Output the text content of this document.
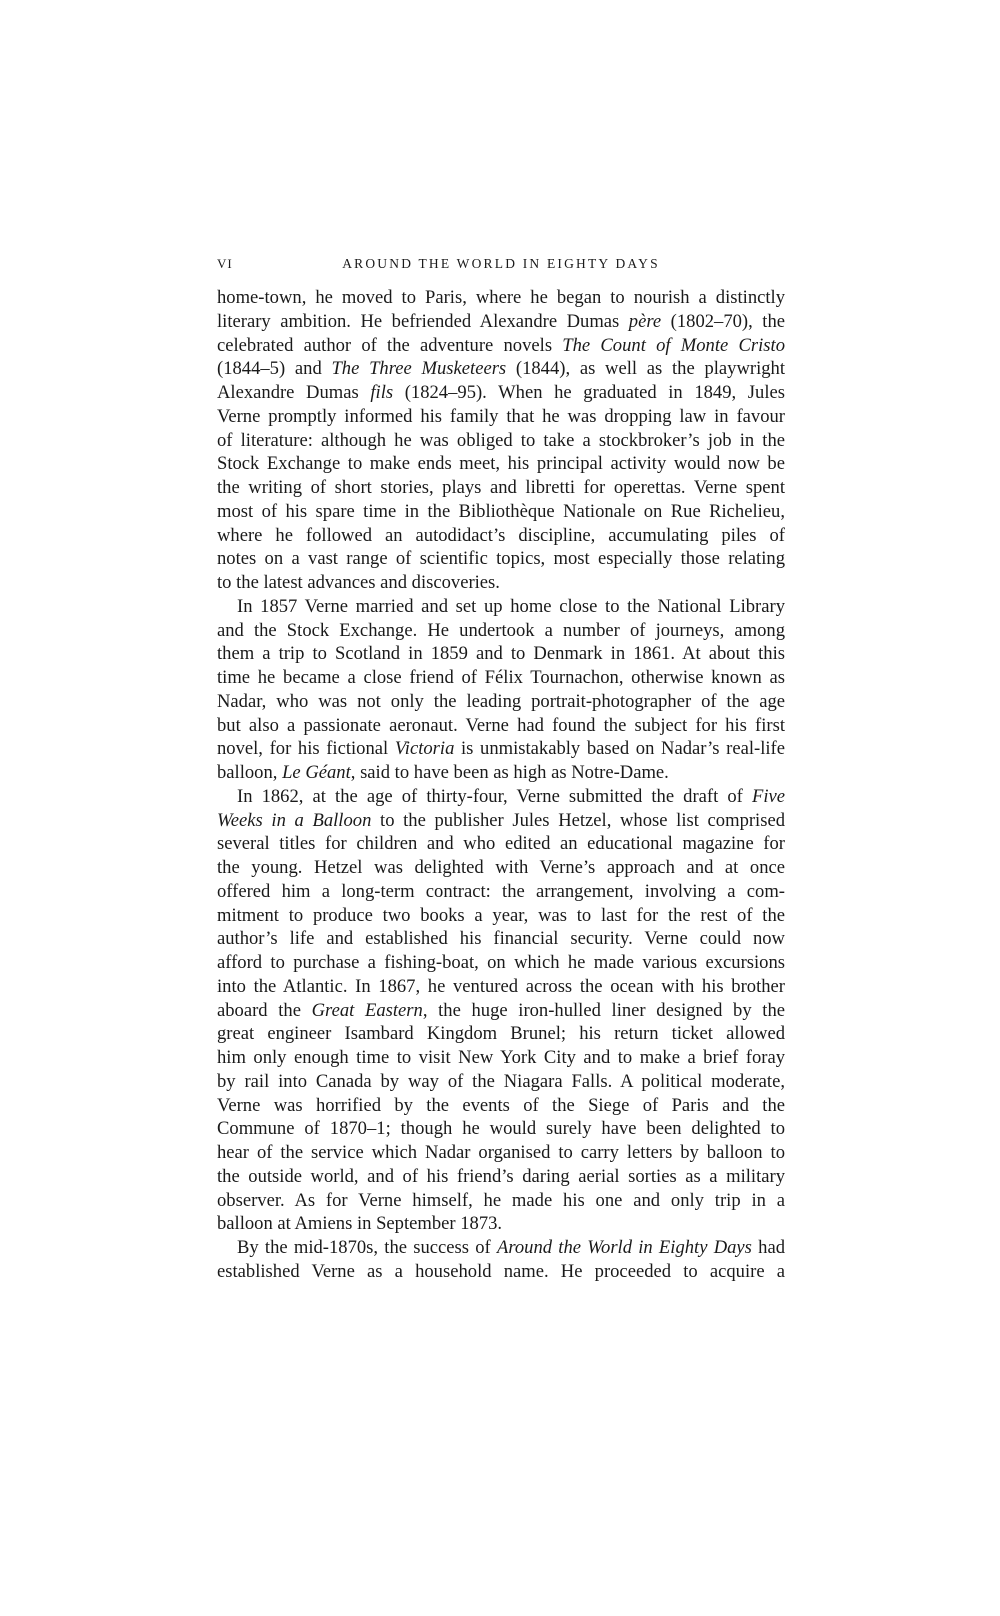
VI	AROUND THE WORLD IN EIGHTY DAYS
home-town, he moved to Paris, where he began to nourish a distinctly
literary ambition. He befriended Alexandre Dumas père (1802–70), the
celebrated author of the adventure novels The Count of Monte Cristo
(1844–5) and The Three Musketeers (1844), as well as the playwright
Alexandre Dumas fils (1824–95). When he graduated in 1849, Jules
Verne promptly informed his family that he was dropping law in favour
of literature: although he was obliged to take a stockbroker’s job in the
Stock Exchange to make ends meet, his principal activity would now be
the writing of short stories, plays and libretti for operettas. Verne spent
most of his spare time in the Bibliothèque Nationale on Rue Richelieu,
where he followed an autodidact’s discipline, accumulating piles of
notes on a vast range of scientific topics, most especially those relating
to the latest advances and discoveries.
In 1857 Verne married and set up home close to the National Library
and the Stock Exchange. He undertook a number of journeys, among
them a trip to Scotland in 1859 and to Denmark in 1861. At about this
time he became a close friend of Félix Tournachon, otherwise known as
Nadar, who was not only the leading portrait-photographer of the age
but also a passionate aeronaut. Verne had found the subject for his first
novel, for his fictional Victoria is unmistakably based on Nadar’s real-life
balloon, Le Géant, said to have been as high as Notre-Dame.
In 1862, at the age of thirty-four, Verne submitted the draft of Five
Weeks in a Balloon to the publisher Jules Hetzel, whose list comprised
several titles for children and who edited an educational magazine for
the young. Hetzel was delighted with Verne’s approach and at once
offered him a long-term contract: the arrangement, involving a com-
mitment to produce two books a year, was to last for the rest of the
author’s life and established his financial security. Verne could now
afford to purchase a fishing-boat, on which he made various excursions
into the Atlantic. In 1867, he ventured across the ocean with his brother
aboard the Great Eastern, the huge iron-hulled liner designed by the
great engineer Isambard Kingdom Brunel; his return ticket allowed
him only enough time to visit New York City and to make a brief foray
by rail into Canada by way of the Niagara Falls. A political moderate,
Verne was horrified by the events of the Siege of Paris and the
Commune of 1870–1; though he would surely have been delighted to
hear of the service which Nadar organised to carry letters by balloon to
the outside world, and of his friend’s daring aerial sorties as a military
observer. As for Verne himself, he made his one and only trip in a
balloon at Amiens in September 1873.
By the mid-1870s, the success of Around the World in Eighty Days had
established Verne as a household name. He proceeded to acquire a
